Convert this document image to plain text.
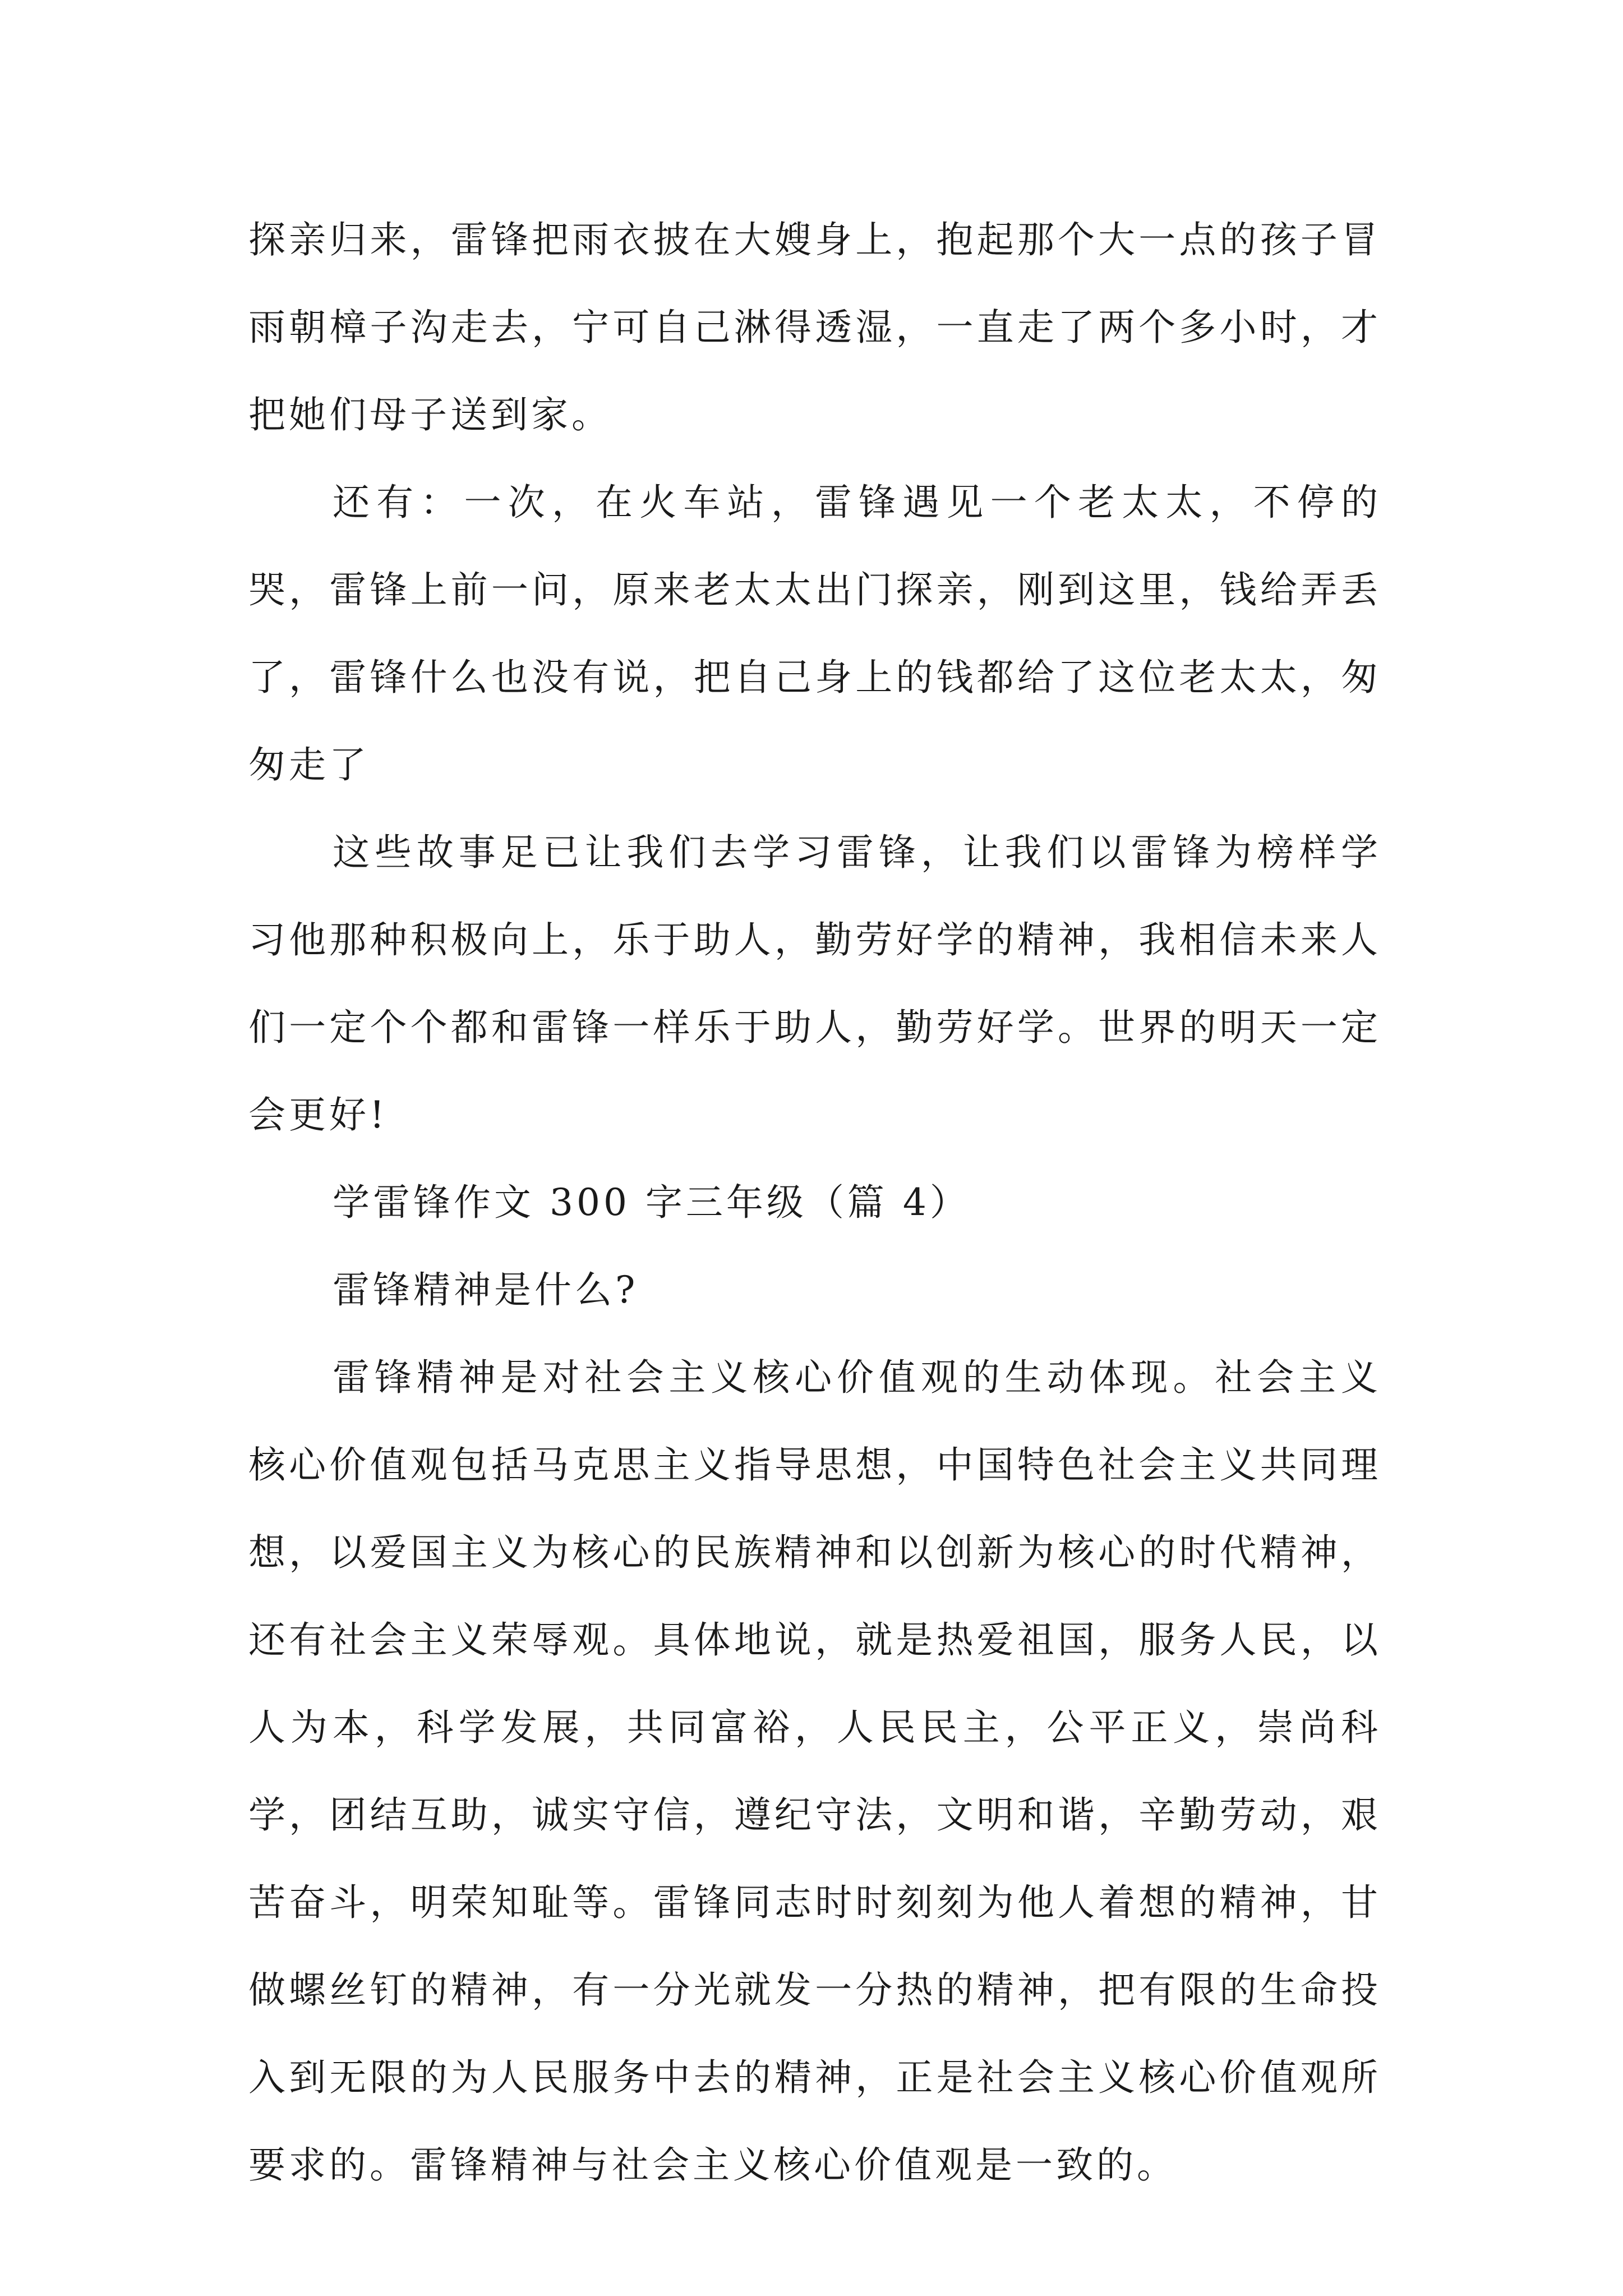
探亲归来，雷锋把雨衣披在大嫂身上，抱起那个大一点的孩子冒雨朝樟子沟走去，宁可自己淋得透湿，一直走了两个多小时，才把她们母子送到家。

还有：一次，在火车站，雷锋遇见一个老太太，不停的哭，雷锋上前一问，原来老太太出门探亲，刚到这里，钱给弄丢了，雷锋什么也没有说，把自己身上的钱都给了这位老太太，匆匆走了

这些故事足已让我们去学习雷锋，让我们以雷锋为榜样学习他那种积极向上，乐于助人，勤劳好学的精神，我相信未来人们一定个个都和雷锋一样乐于助人，勤劳好学。世界的明天一定会更好!

学雷锋作文 300 字三年级（篇 4）

雷锋精神是什么?

雷锋精神是对社会主义核心价值观的生动体现。社会主义核心价值观包括马克思主义指导思想，中国特色社会主义共同理想，以爱国主义为核心的民族精神和以创新为核心的时代精神，还有社会主义荣辱观。具体地说，就是热爱祖国，服务人民，以人为本，科学发展，共同富裕，人民民主，公平正义，崇尚科学，团结互助，诚实守信，遵纪守法，文明和谐，辛勤劳动，艰苦奋斗，明荣知耻等。雷锋同志时时刻刻为他人着想的精神，甘做螺丝钉的精神，有一分光就发一分热的精神，把有限的生命投入到无限的为人民服务中去的精神，正是社会主义核心价值观所要求的。雷锋精神与社会主义核心价值观是一致的。
